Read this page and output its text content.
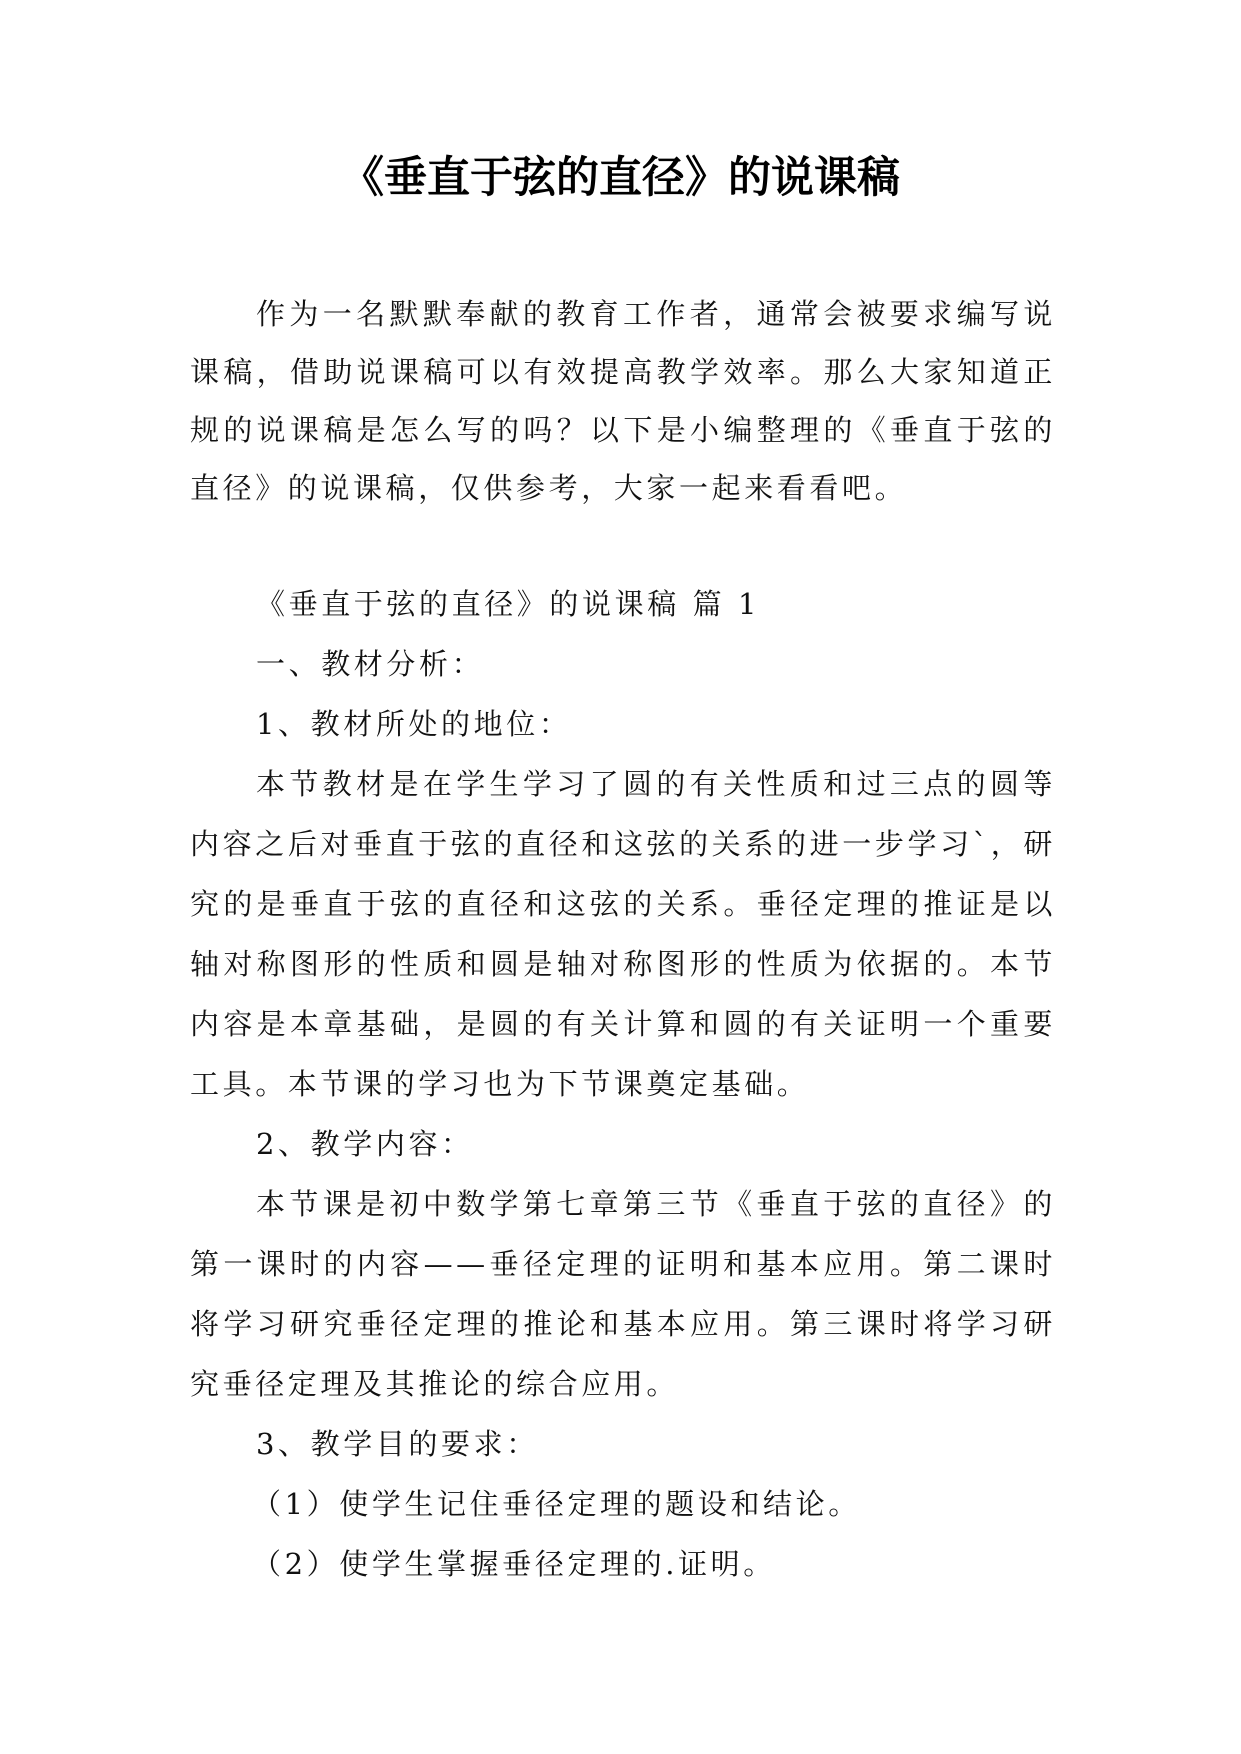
《垂直于弦的直径》的说课稿

作为一名默默奉献的教育工作者，通常会被要求编写说课稿，借助说课稿可以有效提高教学效率。那么大家知道正规的说课稿是怎么写的吗？以下是小编整理的《垂直于弦的直径》的说课稿，仅供参考，大家一起来看看吧。

《垂直于弦的直径》的说课稿 篇 1

一、教材分析：

1、教材所处的地位：

本节教材是在学生学习了圆的有关性质和过三点的圆等内容之后对垂直于弦的直径和这弦的关系的进一步学习`，研究的是垂直于弦的直径和这弦的关系。垂径定理的推证是以轴对称图形的性质和圆是轴对称图形的性质为依据的。本节内容是本章基础，是圆的有关计算和圆的有关证明一个重要工具。本节课的学习也为下节课奠定基础。

2、教学内容：

本节课是初中数学第七章第三节《垂直于弦的直径》的第一课时的内容——垂径定理的证明和基本应用。第二课时将学习研究垂径定理的推论和基本应用。第三课时将学习研究垂径定理及其推论的综合应用。

3、教学目的要求：

（1）使学生记住垂径定理的题设和结论。

（2）使学生掌握垂径定理的.证明。
